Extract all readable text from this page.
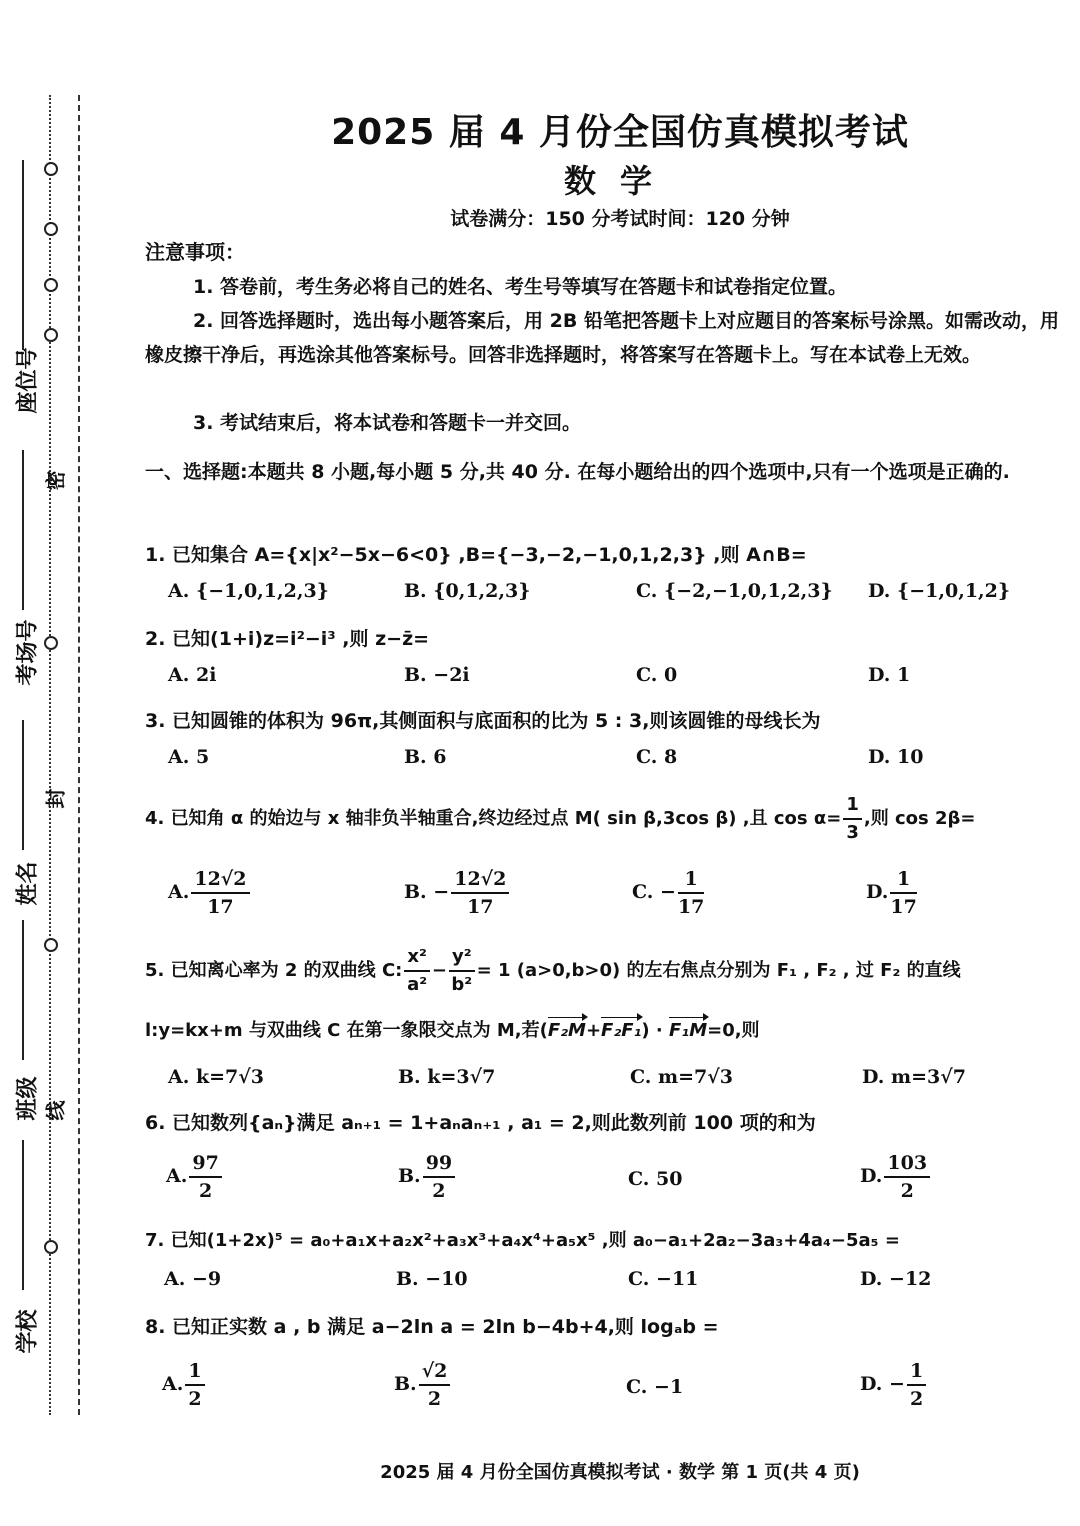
座位号
考场号
姓名
班级
学校
密
封
线
2025 届 4 月份全国仿真模拟考试
数学
试卷满分：150 分考试时间：120 分钟
注意事项：
1. 答卷前，考生务必将自己的姓名、考生号等填写在答题卡和试卷指定位置。
2. 回答选择题时，选出每小题答案后，用 2B 铅笔把答题卡上对应题目的答案标号涂黑。如需改动，用橡皮擦干净后，再选涂其他答案标号。回答非选择题时，将答案写在答题卡上。写在本试卷上无效。
3. 考试结束后，将本试卷和答题卡一并交回。
一、选择题:本题共 8 小题,每小题 5 分,共 40 分. 在每小题给出的四个选项中,只有一个选项是正确的.
1. 已知集合 A={x|x²−5x−6<0} ,B={−3,−2,−1,0,1,2,3} ,则 A∩B=
A. {−1,0,1,2,3}	B. {0,1,2,3}	C. {−2,−1,0,1,2,3} D. {−1,0,1,2}
2. 已知(1+i)z=i²−i³ ,则 z−z̄=
A. 2i	B. −2i	C. 0	D. 1
3. 已知圆锥的体积为 96π,其侧面积与底面积的比为 5 : 3,则该圆锥的母线长为
A. 5	B. 6	C. 8	D. 10
4. 已知角 α 的始边与 x 轴非负半轴重合,终边经过点 M( sin β,3cos β) ,且 $\cos \alpha= \frac{1}{3}$ ,则 cos 2β=
A. $\frac{12√2}{17}$	B. − $\frac{12√2}{17}$	C. − $\frac{1}{17}$	D. $\frac{1}{17}$
5. 已知离心率为 2 的双曲线 C: $\frac{\text{x²}}{\text{a²}} - \frac{\text{y²}}{\text{b²}} = 1$ (a>0,b>0) 的左右焦点分别为 F₁ , F₂ , 过 F₂ 的直线
l:y=kx+m 与双曲线 C 在第一象限交点为 M,若(F₂M+F₂F₁) · F₁M=0,则
A. k=7√3	B. k=3√7	C. m=7√3	D. m=3√7
6. 已知数列{aₙ}满足 aₙ₊₁ = 1+aₙaₙ₊₁ , a₁ = 2,则此数列前 100 项的和为
A. $\frac{97}{2}$	B. $\frac{99}{2}$	C. 50	D. $\frac{103}{2}$
7. 已知(1+2x)⁵ = a₀+a₁x+a₂x²+a₃x³+a₄x⁴+a₅x⁵ ,则 a₀−a₁+2a₂−3a₃+4a₄−5a₅ =
A. −9	B. −10	C. −11	D. −12
8. 已知正实数 a , b 满足 a−2ln a = 2ln b−4b+4,则 logₐb =
A. $\frac{1}{2}$	B. $\frac{√2}{2}$	C. −1	D. − $\frac{1}{2}$
2025 届 4 月份全国仿真模拟考试 · 数学 第 1 页(共 4 页)
